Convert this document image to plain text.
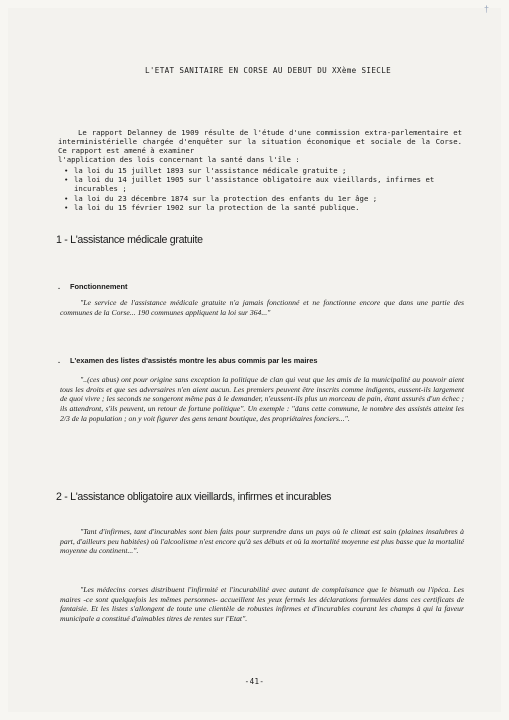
†
L'ETAT SANITAIRE EN CORSE AU DEBUT DU XXème SIECLE

Le rapport Delanney de 1909 résulte de l'étude d'une commission extra-parlementaire et interministérielle chargée d'enquêter sur la situation économique et sociale de la Corse. Ce rapport est amené à examiner

l'application des lois concernant la santé dans l'île :

• la loi du 15 juillet 1893 sur l'assistance médicale gratuite ;
• la loi du 14 juillet 1905 sur l'assistance obligatoire aux vieillards, infirmes et incurables ;
• la loi du 23 décembre 1874 sur la protection des enfants du 1er âge ;
• la loi du 15 février 1902 sur la protection de la santé publique.
1 - L'assistance médicale gratuite
. Fonctionnement

"Le service de l'assistance médicale gratuite n'a jamais fonctionné et ne fonctionne encore que dans une partie des communes de la Corse... 190 communes appliquent la loi sur 364..."

. L'examen des listes d'assistés montre les abus commis par les maires

"..(ces abus) ont pour origine sans exception la politique de clan qui veut que les amis de la municipalité au pouvoir aient tous les droits et que ses adversaires n'en aient aucun. Les premiers peuvent être inscrits comme indigents, eussent-ils largement de quoi vivre ; les seconds ne songeront même pas à le demander, n'eussent-ils plus un morceau de pain, étant assurés d'un échec ; ils attendront, s'ils peuvent, un retour de fortune politique". Un exemple : "dans cette commune, le nombre des assistés atteint les 2/3 de la population ; on y voit figurer des gens tenant boutique, des propriétaires fonciers...".

2 - L'assistance obligatoire aux vieillards, infirmes et incurables

"Tant d'infirmes, tant d'incurables sont bien faits pour surprendre dans un pays où le climat est sain (plaines insalubres à part, d'ailleurs peu habitées) où l'alcoolisme n'est encore qu'à ses débuts et où la mortalité moyenne est plus basse que la mortalité moyenne du continent...".

"Les médecins corses distribuent l'infirmité et l'incurabilité avec autant de complaisance que le bismuth ou l'ipéca. Les maires -ce sont quelquefois les mêmes personnes- accueillent les yeux fermés les déclarations formulées dans ces certificats de fantaisie. Et les listes s'allongent de toute une clientèle de robustes infirmes et d'incurables courant les champs à qui la faveur municipale a constitué d'aimables titres de rentes sur l'Etat".

-41-
